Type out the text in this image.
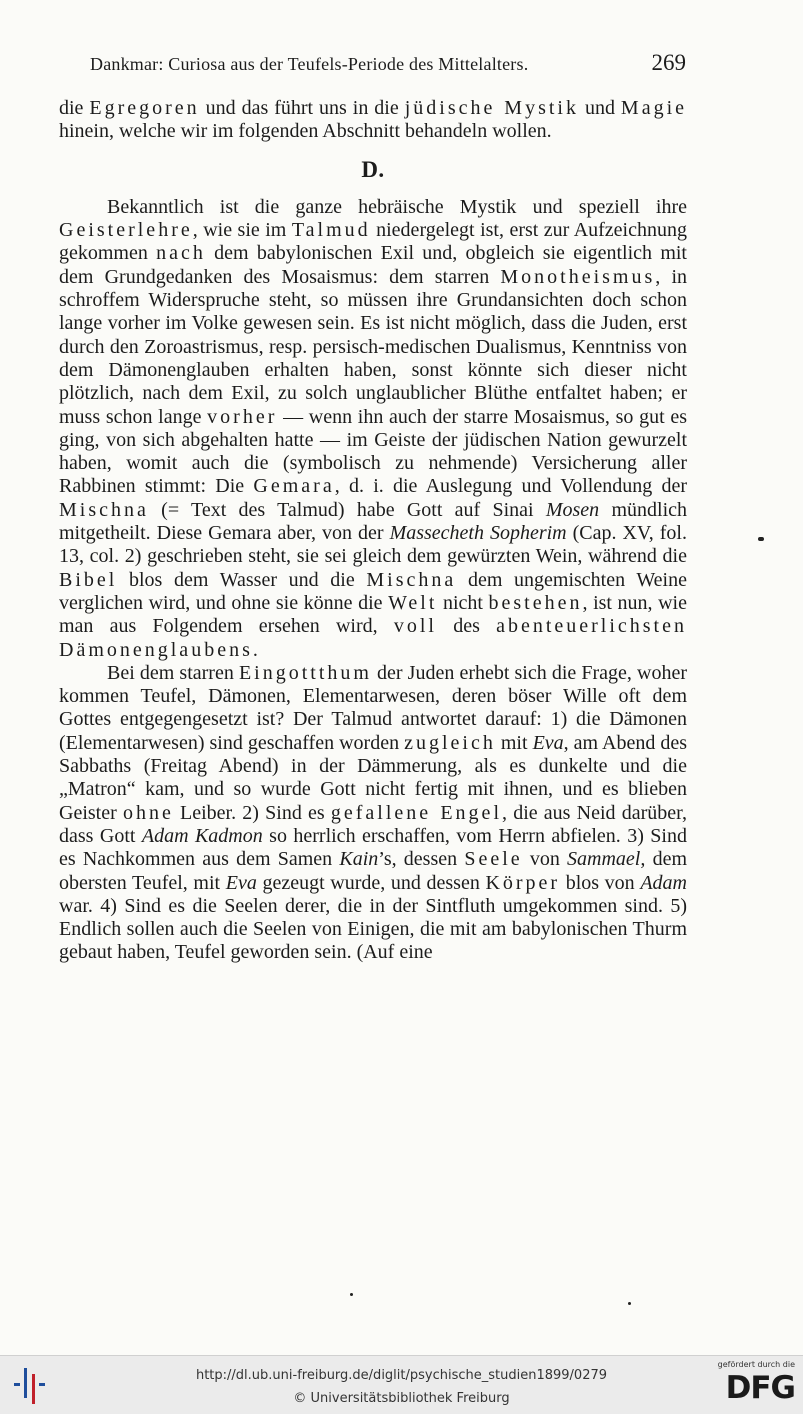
Dankmar: Curiosa aus der Teufels-Periode des Mittelalters.	269

die Egregoren und das führt uns in die jüdische Mystik und Magie hinein, welche wir im folgenden Abschnitt behandeln wollen.

D.

Bekanntlich ist die ganze hebräische Mystik und speziell ihre Geisterlehre, wie sie im Talmud niedergelegt ist, erst zur Aufzeichnung gekommen nach dem babylonischen Exil und, obgleich sie eigentlich mit dem Grundgedanken des Mosaismus: dem starren Monotheismus, in schroffem Widerspruche steht, so müssen ihre Grundansichten doch schon lange vorher im Volke gewesen sein. Es ist nicht möglich, dass die Juden, erst durch den Zoroastrismus, resp. persisch-medischen Dualismus, Kenntniss von dem Dämonenglauben erhalten haben, sonst könnte sich dieser nicht plötzlich, nach dem Exil, zu solch unglaublicher Blüthe entfaltet haben; er muss schon lange vorher — wenn ihn auch der starre Mosaismus, so gut es ging, von sich abgehalten hatte — im Geiste der jüdischen Nation gewurzelt haben, womit auch die (symbolisch zu nehmende) Versicherung aller Rabbinen stimmt: Die Gemara, d. i. die Auslegung und Vollendung der Mischna (= Text des Talmud) habe Gott auf Sinai Mosen mündlich mitgetheilt. Diese Gemara aber, von der Massecheth Sopherim (Cap. XV, fol. 13, col. 2) geschrieben steht, sie sei gleich dem gewürzten Wein, während die Bibel blos dem Wasser und die Mischna dem ungemischten Weine verglichen wird, und ohne sie könne die Welt nicht bestehen, ist nun, wie man aus Folgendem ersehen wird, voll des abenteuerlichsten Dämonenglaubens.

Bei dem starren Eingottthum der Juden erhebt sich die Frage, woher kommen Teufel, Dämonen, Elementarwesen, deren böser Wille oft dem Gottes entgegengesetzt ist? Der Talmud antwortet darauf: 1) die Dämonen (Elementarwesen) sind geschaffen worden zugleich mit Eva, am Abend des Sabbaths (Freitag Abend) in der Dämmerung, als es dunkelte und die „Matron“ kam, und so wurde Gott nicht fertig mit ihnen, und es blieben Geister ohne Leiber. 2) Sind es gefallene Engel, die aus Neid darüber, dass Gott Adam Kadmon so herrlich erschaffen, vom Herrn abfielen. 3) Sind es Nachkommen aus dem Samen Kain’s, dessen Seele von Sammael, dem obersten Teufel, mit Eva gezeugt wurde, und dessen Körper blos von Adam war. 4) Sind es die Seelen derer, die in der Sintfluth umgekommen sind. 5) Endlich sollen auch die Seelen von Einigen, die mit am babylonischen Thurm gebaut haben, Teufel geworden sein. (Auf eine

http://dl.ub.uni-freiburg.de/diglit/psychische_studien1899/0279
© Universitätsbibliothek Freiburg
gefördert durch die
DFG
